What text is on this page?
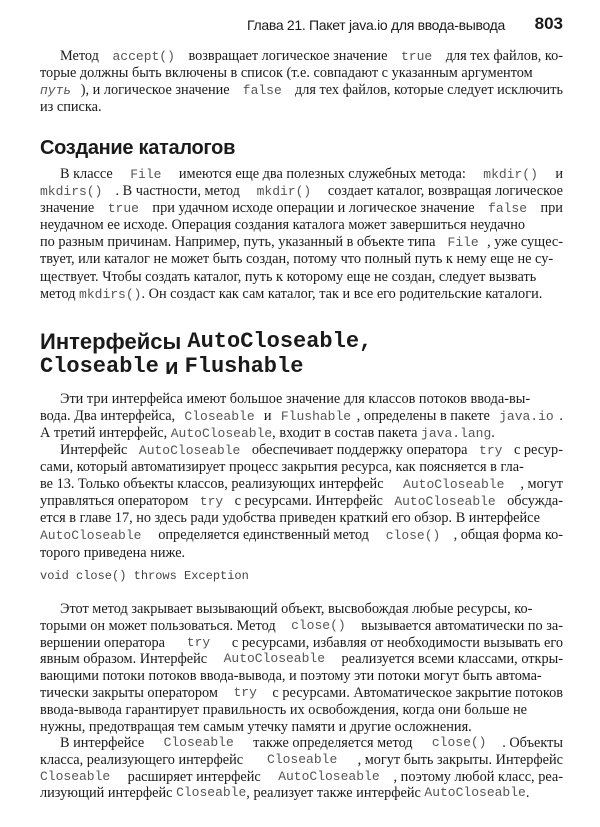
Глава 21. Пакет java.io для ввода-вывода 803
Метод accept() возвращает логическое значение true для тех файлов, ко-
торые должны быть включены в список (т.е. совпадают с указанным аргументом
путь ), и логическое значение false для тех файлов, которые следует исключить
из списка.
Создание каталогов
В классе File имеются еще два полезных служебных метода: mkdir() и
mkdirs() . В частности, метод mkdir() создает каталог, возвращая логическое
значение true при удачном исходе операции и логическое значение false при
неудачном ее исходе. Операция создания каталога может завершиться неудачно
по разным причинам. Например, путь, указанный в объекте типа File , уже сущес-
твует, или каталог не может быть создан, потому что полный путь к нему еще не су-
ществует. Чтобы создать каталог, путь к которому еще не создан, следует вызвать
метод mkdirs() . Он создаст как сам каталог, так и все его родительские каталоги.
Интерфейсы AutoCloseable,
Closeable и Flushable
Эти три интерфейса имеют большое значение для классов потоков ввода-вы-
вода. Два интерфейса, Closeable и Flushable , определены в пакете java.io .
А третий интерфейс, AutoCloseable , входит в состав пакета java.lang .
Интерфейс AutoCloseable обеспечивает поддержку оператора try с ресур-
сами, который автоматизирует процесс закрытия ресурса, как поясняется в гла-
ве 13. Только объекты классов, реализующих интерфейс AutoCloseable , могут
управляться оператором try с ресурсами. Интерфейс AutoCloseable обсужда-
ется в главе 17, но здесь ради удобства приведен краткий его обзор. В интерфейсе
AutoCloseable определяется единственный метод close() , общая форма ко-
торого приведена ниже.
void close() throws Exception
Этот метод закрывает вызывающий объект, высвобождая любые ресурсы, ко-
торыми он может пользоваться. Метод close() вызывается автоматически по за-
вершении оператора try с ресурсами, избавляя от необходимости вызывать его
явным образом. Интерфейс AutoCloseable реализуется всеми классами, откры-
вающими потоки потоков ввода-вывода, и поэтому эти потоки могут быть автома-
тически закрыты оператором try с ресурсами. Автоматическое закрытие потоков
ввода-вывода гарантирует правильность их освобождения, когда они больше не
нужны, предотвращая тем самым утечку памяти и другие осложнения.
В интерфейсе Closeable также определяется метод close() . Объекты
класса, реализующего интерфейс Closeable , могут быть закрыты. Интерфейс
Closeable расширяет интерфейс AutoCloseable , поэтому любой класс, реа-
лизующий интерфейс Closeable , реализует также интерфейс AutoCloseable .
